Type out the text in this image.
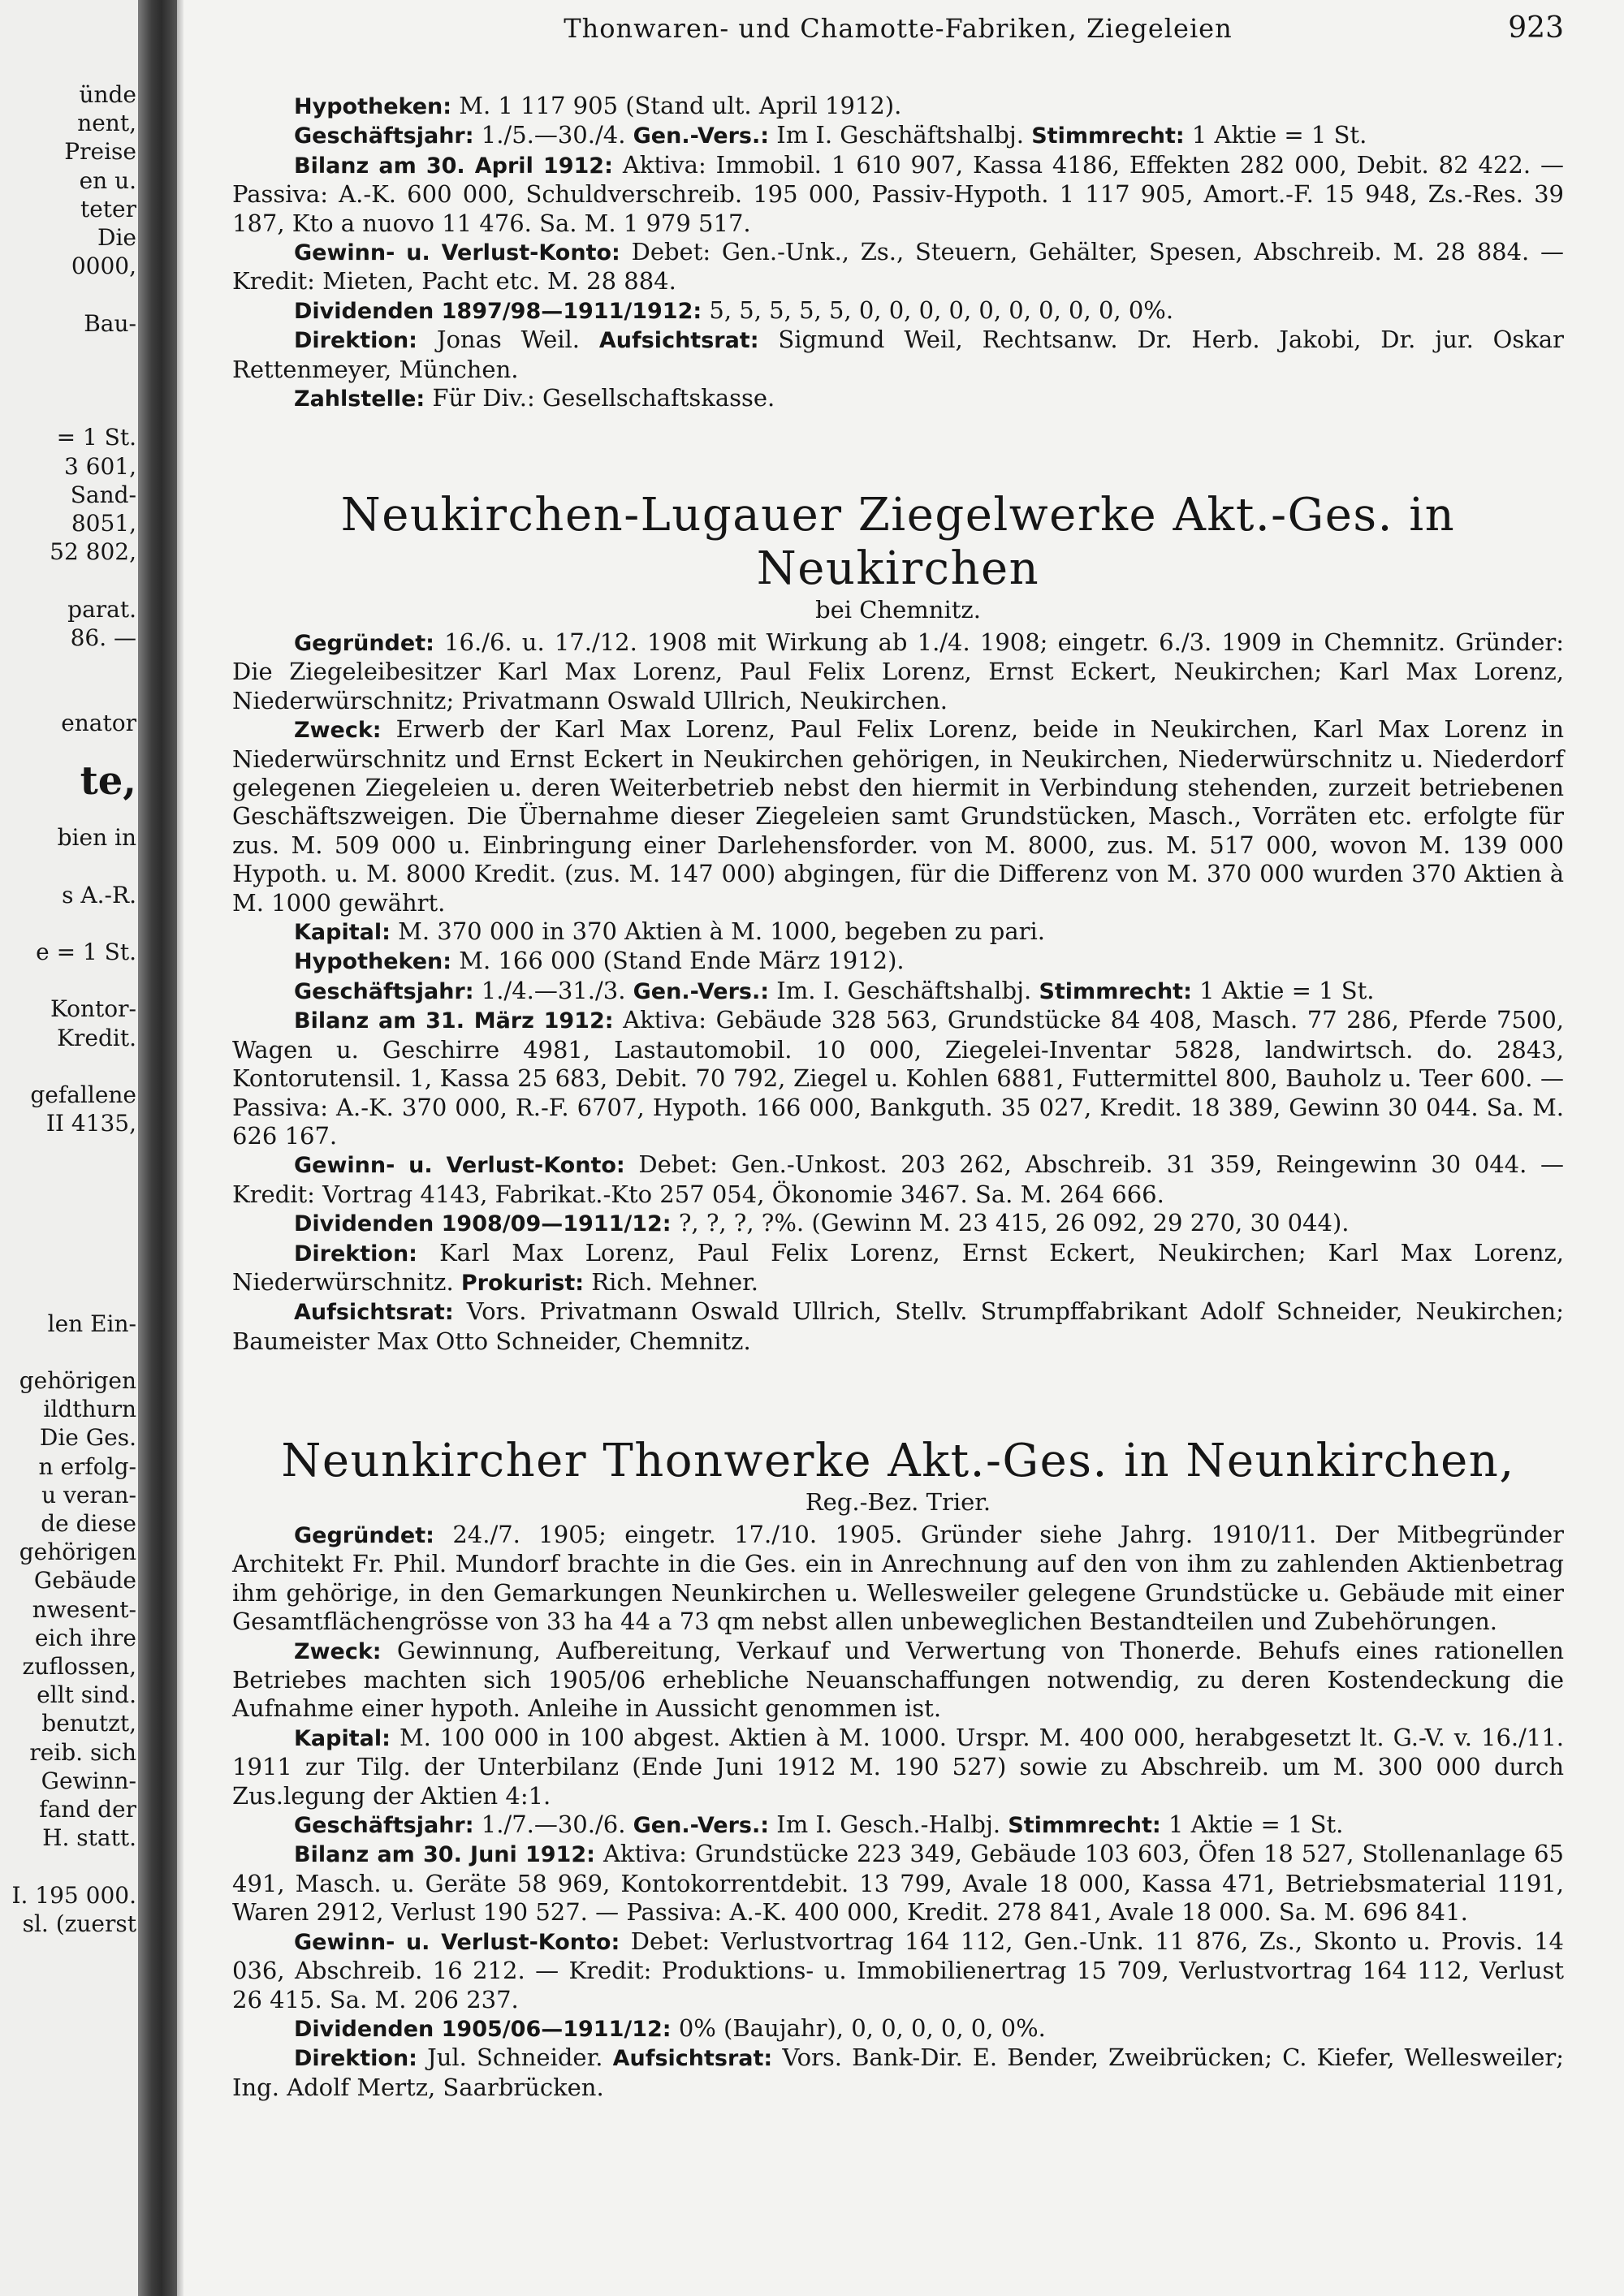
ünde
nent,
Preise
en u.
teter
Die
0000,
Bau-
= 1 St.
3 601,
Sand-
8051,
52 802,
parat.
86. —
enator
te,
bien in
s A.-R.
e = 1 St.
Kontor-
Kredit.
gefallene
II 4135,
len Ein-
gehörigen
ildthurn
Die Ges.
n erfolg-
u veran-
de diese
gehörigen
Gebäude
nwesent-
eich ihre
zuflossen,
ellt sind.
benutzt,
reib. sich
Gewinn-
fand der
H. statt.
I. 195 000.
sl. (zuerst
Thonwaren- und Chamotte-Fabriken, Ziegeleien	923

Hypotheken: M. 1 117 905 (Stand ult. April 1912).

Geschäftsjahr: 1./5.—30./4. Gen.-Vers.: Im I. Geschäftshalbj. Stimmrecht: 1 Aktie = 1 St.

Bilanz am 30. April 1912: Aktiva: Immobil. 1 610 907, Kassa 4186, Effekten 282 000, Debit. 82 422. — Passiva: A.-K. 600 000, Schuldverschreib. 195 000, Passiv-Hypoth. 1 117 905, Amort.-F. 15 948, Zs.-Res. 39 187, Kto a nuovo 11 476. Sa. M. 1 979 517.

Gewinn- u. Verlust-Konto: Debet: Gen.-Unk., Zs., Steuern, Gehälter, Spesen, Abschreib. M. 28 884. — Kredit: Mieten, Pacht etc. M. 28 884.

Dividenden 1897/98—1911/1912: 5, 5, 5, 5, 5, 0, 0, 0, 0, 0, 0, 0, 0, 0, 0%.

Direktion: Jonas Weil. Aufsichtsrat: Sigmund Weil, Rechtsanw. Dr. Herb. Jakobi, Dr. jur. Oskar Rettenmeyer, München.

Zahlstelle: Für Div.: Gesellschaftskasse.

Neukirchen-Lugauer Ziegelwerke Akt.-Ges. in Neukirchen
bei Chemnitz.

Gegründet: 16./6. u. 17./12. 1908 mit Wirkung ab 1./4. 1908; eingetr. 6./3. 1909 in Chemnitz. Gründer: Die Ziegeleibesitzer Karl Max Lorenz, Paul Felix Lorenz, Ernst Eckert, Neukirchen; Karl Max Lorenz, Niederwürschnitz; Privatmann Oswald Ullrich, Neukirchen.

Zweck: Erwerb der Karl Max Lorenz, Paul Felix Lorenz, beide in Neukirchen, Karl Max Lorenz in Niederwürschnitz und Ernst Eckert in Neukirchen gehörigen, in Neukirchen, Niederwürschnitz u. Niederdorf gelegenen Ziegeleien u. deren Weiterbetrieb nebst den hiermit in Verbindung stehenden, zurzeit betriebenen Geschäftszweigen. Die Übernahme dieser Ziegeleien samt Grundstücken, Masch., Vorräten etc. erfolgte für zus. M. 509 000 u. Einbringung einer Darlehensforder. von M. 8000, zus. M. 517 000, wovon M. 139 000 Hypoth. u. M. 8000 Kredit. (zus. M. 147 000) abgingen, für die Differenz von M. 370 000 wurden 370 Aktien à M. 1000 gewährt.

Kapital: M. 370 000 in 370 Aktien à M. 1000, begeben zu pari.

Hypotheken: M. 166 000 (Stand Ende März 1912).

Geschäftsjahr: 1./4.—31./3. Gen.-Vers.: Im. I. Geschäftshalbj. Stimmrecht: 1 Aktie = 1 St.

Bilanz am 31. März 1912: Aktiva: Gebäude 328 563, Grundstücke 84 408, Masch. 77 286, Pferde 7500, Wagen u. Geschirre 4981, Lastautomobil. 10 000, Ziegelei-Inventar 5828, landwirtsch. do. 2843, Kontorutensil. 1, Kassa 25 683, Debit. 70 792, Ziegel u. Kohlen 6881, Futtermittel 800, Bauholz u. Teer 600. — Passiva: A.-K. 370 000, R.-F. 6707, Hypoth. 166 000, Bankguth. 35 027, Kredit. 18 389, Gewinn 30 044. Sa. M. 626 167.

Gewinn- u. Verlust-Konto: Debet: Gen.-Unkost. 203 262, Abschreib. 31 359, Reingewinn 30 044. — Kredit: Vortrag 4143, Fabrikat.-Kto 257 054, Ökonomie 3467. Sa. M. 264 666.

Dividenden 1908/09—1911/12: ?, ?, ?, ?%. (Gewinn M. 23 415, 26 092, 29 270, 30 044).

Direktion: Karl Max Lorenz, Paul Felix Lorenz, Ernst Eckert, Neukirchen; Karl Max Lorenz, Niederwürschnitz. Prokurist: Rich. Mehner.

Aufsichtsrat: Vors. Privatmann Oswald Ullrich, Stellv. Strumpffabrikant Adolf Schneider, Neukirchen; Baumeister Max Otto Schneider, Chemnitz.

Neunkircher Thonwerke Akt.-Ges. in Neunkirchen,
Reg.-Bez. Trier.

Gegründet: 24./7. 1905; eingetr. 17./10. 1905. Gründer siehe Jahrg. 1910/11. Der Mitbegründer Architekt Fr. Phil. Mundorf brachte in die Ges. ein in Anrechnung auf den von ihm zu zahlenden Aktienbetrag ihm gehörige, in den Gemarkungen Neunkirchen u. Wellesweiler gelegene Grundstücke u. Gebäude mit einer Gesamtflächengrösse von 33 ha 44 a 73 qm nebst allen unbeweglichen Bestandteilen und Zubehörungen.

Zweck: Gewinnung, Aufbereitung, Verkauf und Verwertung von Thonerde. Behufs eines rationellen Betriebes machten sich 1905/06 erhebliche Neuanschaffungen notwendig, zu deren Kostendeckung die Aufnahme einer hypoth. Anleihe in Aussicht genommen ist.

Kapital: M. 100 000 in 100 abgest. Aktien à M. 1000. Urspr. M. 400 000, herabgesetzt lt. G.-V. v. 16./11. 1911 zur Tilg. der Unterbilanz (Ende Juni 1912 M. 190 527) sowie zu Abschreib. um M. 300 000 durch Zus.legung der Aktien 4:1.

Geschäftsjahr: 1./7.—30./6. Gen.-Vers.: Im I. Gesch.-Halbj. Stimmrecht: 1 Aktie = 1 St.

Bilanz am 30. Juni 1912: Aktiva: Grundstücke 223 349, Gebäude 103 603, Öfen 18 527, Stollenanlage 65 491, Masch. u. Geräte 58 969, Kontokorrentdebit. 13 799, Avale 18 000, Kassa 471, Betriebsmaterial 1191, Waren 2912, Verlust 190 527. — Passiva: A.-K. 400 000, Kredit. 278 841, Avale 18 000. Sa. M. 696 841.

Gewinn- u. Verlust-Konto: Debet: Verlustvortrag 164 112, Gen.-Unk. 11 876, Zs., Skonto u. Provis. 14 036, Abschreib. 16 212. — Kredit: Produktions- u. Immobilienertrag 15 709, Verlustvortrag 164 112, Verlust 26 415. Sa. M. 206 237.

Dividenden 1905/06—1911/12: 0% (Baujahr), 0, 0, 0, 0, 0, 0%.

Direktion: Jul. Schneider. Aufsichtsrat: Vors. Bank-Dir. E. Bender, Zweibrücken; C. Kiefer, Wellesweiler; Ing. Adolf Mertz, Saarbrücken.
